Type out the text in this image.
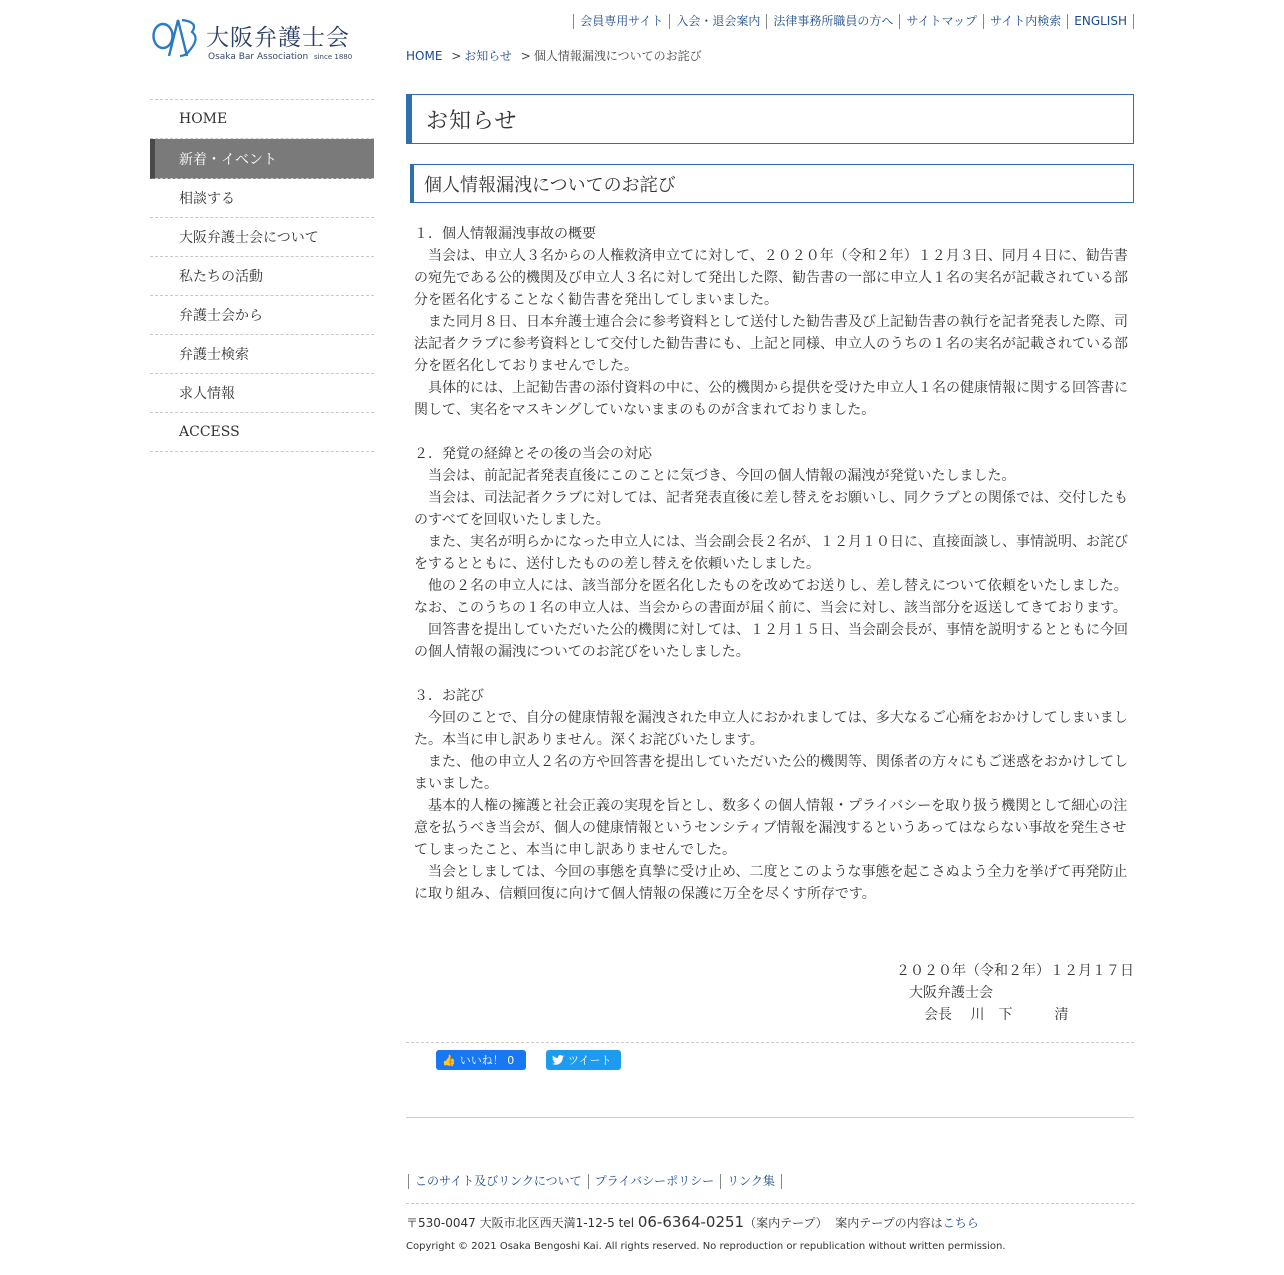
大阪弁護士会
Osaka Bar Association since 1880
会員専用サイト	入会・退会案内	法律事務所職員の方へ	サイトマップ	サイト内検索	ENGLISH
HOME > お知らせ > 個人情報漏洩についてのお詫び
HOME
新着・イベント
相談する
大阪弁護士会について
私たちの活動
弁護士会から
弁護士検索
求人情報
ACCESS
お知らせ
個人情報漏洩についてのお詫び

１．個人情報漏洩事故の概要

　当会は、申立人３名からの人権救済申立てに対して、２０２０年（令和２年）１２月３日、同月４日に、勧告書の宛先である公的機関及び申立人３名に対して発出した際、勧告書の一部に申立人１名の実名が記載されている部分を匿名化することなく勧告書を発出してしまいました。

　また同月８日、日本弁護士連合会に参考資料として送付した勧告書及び上記勧告書の執行を記者発表した際、司法記者クラブに参考資料として交付した勧告書にも、上記と同様、申立人のうちの１名の実名が記載されている部分を匿名化しておりませんでした。

　具体的には、上記勧告書の添付資料の中に、公的機関から提供を受けた申立人１名の健康情報に関する回答書に関して、実名をマスキングしていないままのものが含まれておりました。

２．発覚の経緯とその後の当会の対応

　当会は、前記記者発表直後にこのことに気づき、今回の個人情報の漏洩が発覚いたしました。

　当会は、司法記者クラブに対しては、記者発表直後に差し替えをお願いし、同クラブとの関係では、交付したものすべてを回収いたしました。

　また、実名が明らかになった申立人には、当会副会長２名が、１２月１０日に、直接面談し、事情説明、お詫びをするとともに、送付したものの差し替えを依頼いたしました。

　他の２名の申立人には、該当部分を匿名化したものを改めてお送りし、差し替えについて依頼をいたしました。なお、このうちの１名の申立人は、当会からの書面が届く前に、当会に対し、該当部分を返送してきております。

　回答書を提出していただいた公的機関に対しては、１２月１５日、当会副会長が、事情を説明するとともに今回の個人情報の漏洩についてのお詫びをいたしました。

３．お詫び

　今回のことで、自分の健康情報を漏洩された申立人におかれましては、多大なるご心痛をおかけしてしまいました。本当に申し訳ありません。深くお詫びいたします。

　また、他の申立人２名の方や回答書を提出していただいた公的機関等、関係者の方々にもご迷惑をおかけしてしまいました。

　基本的人権の擁護と社会正義の実現を旨とし、数多くの個人情報・プライバシーを取り扱う機関として細心の注意を払うべき当会が、個人の健康情報というセンシティブ情報を漏洩するというあってはならない事故を発生させてしまったこと、本当に申し訳ありませんでした。

　当会としましては、今回の事態を真摯に受け止め、二度とこのような事態を起こさぬよう全力を挙げて再発防止に取り組み、信頼回復に向けて個人情報の保護に万全を尽くす所存です。

２０２０年（令和２年）１２月１７日
大阪弁護士会
会長　 川　下　　　清
👍 いいね！ 0	ツイート
このサイト及びリンクについて	プライバシーポリシー	リンク集
〒530-0047 大阪市北区西天満1-12-5 tel 06-6364-0251（案内テープ） 案内テープの内容はこちら
Copyright © 2021 Osaka Bengoshi Kai. All rights reserved. No reproduction or republication without written permission.
